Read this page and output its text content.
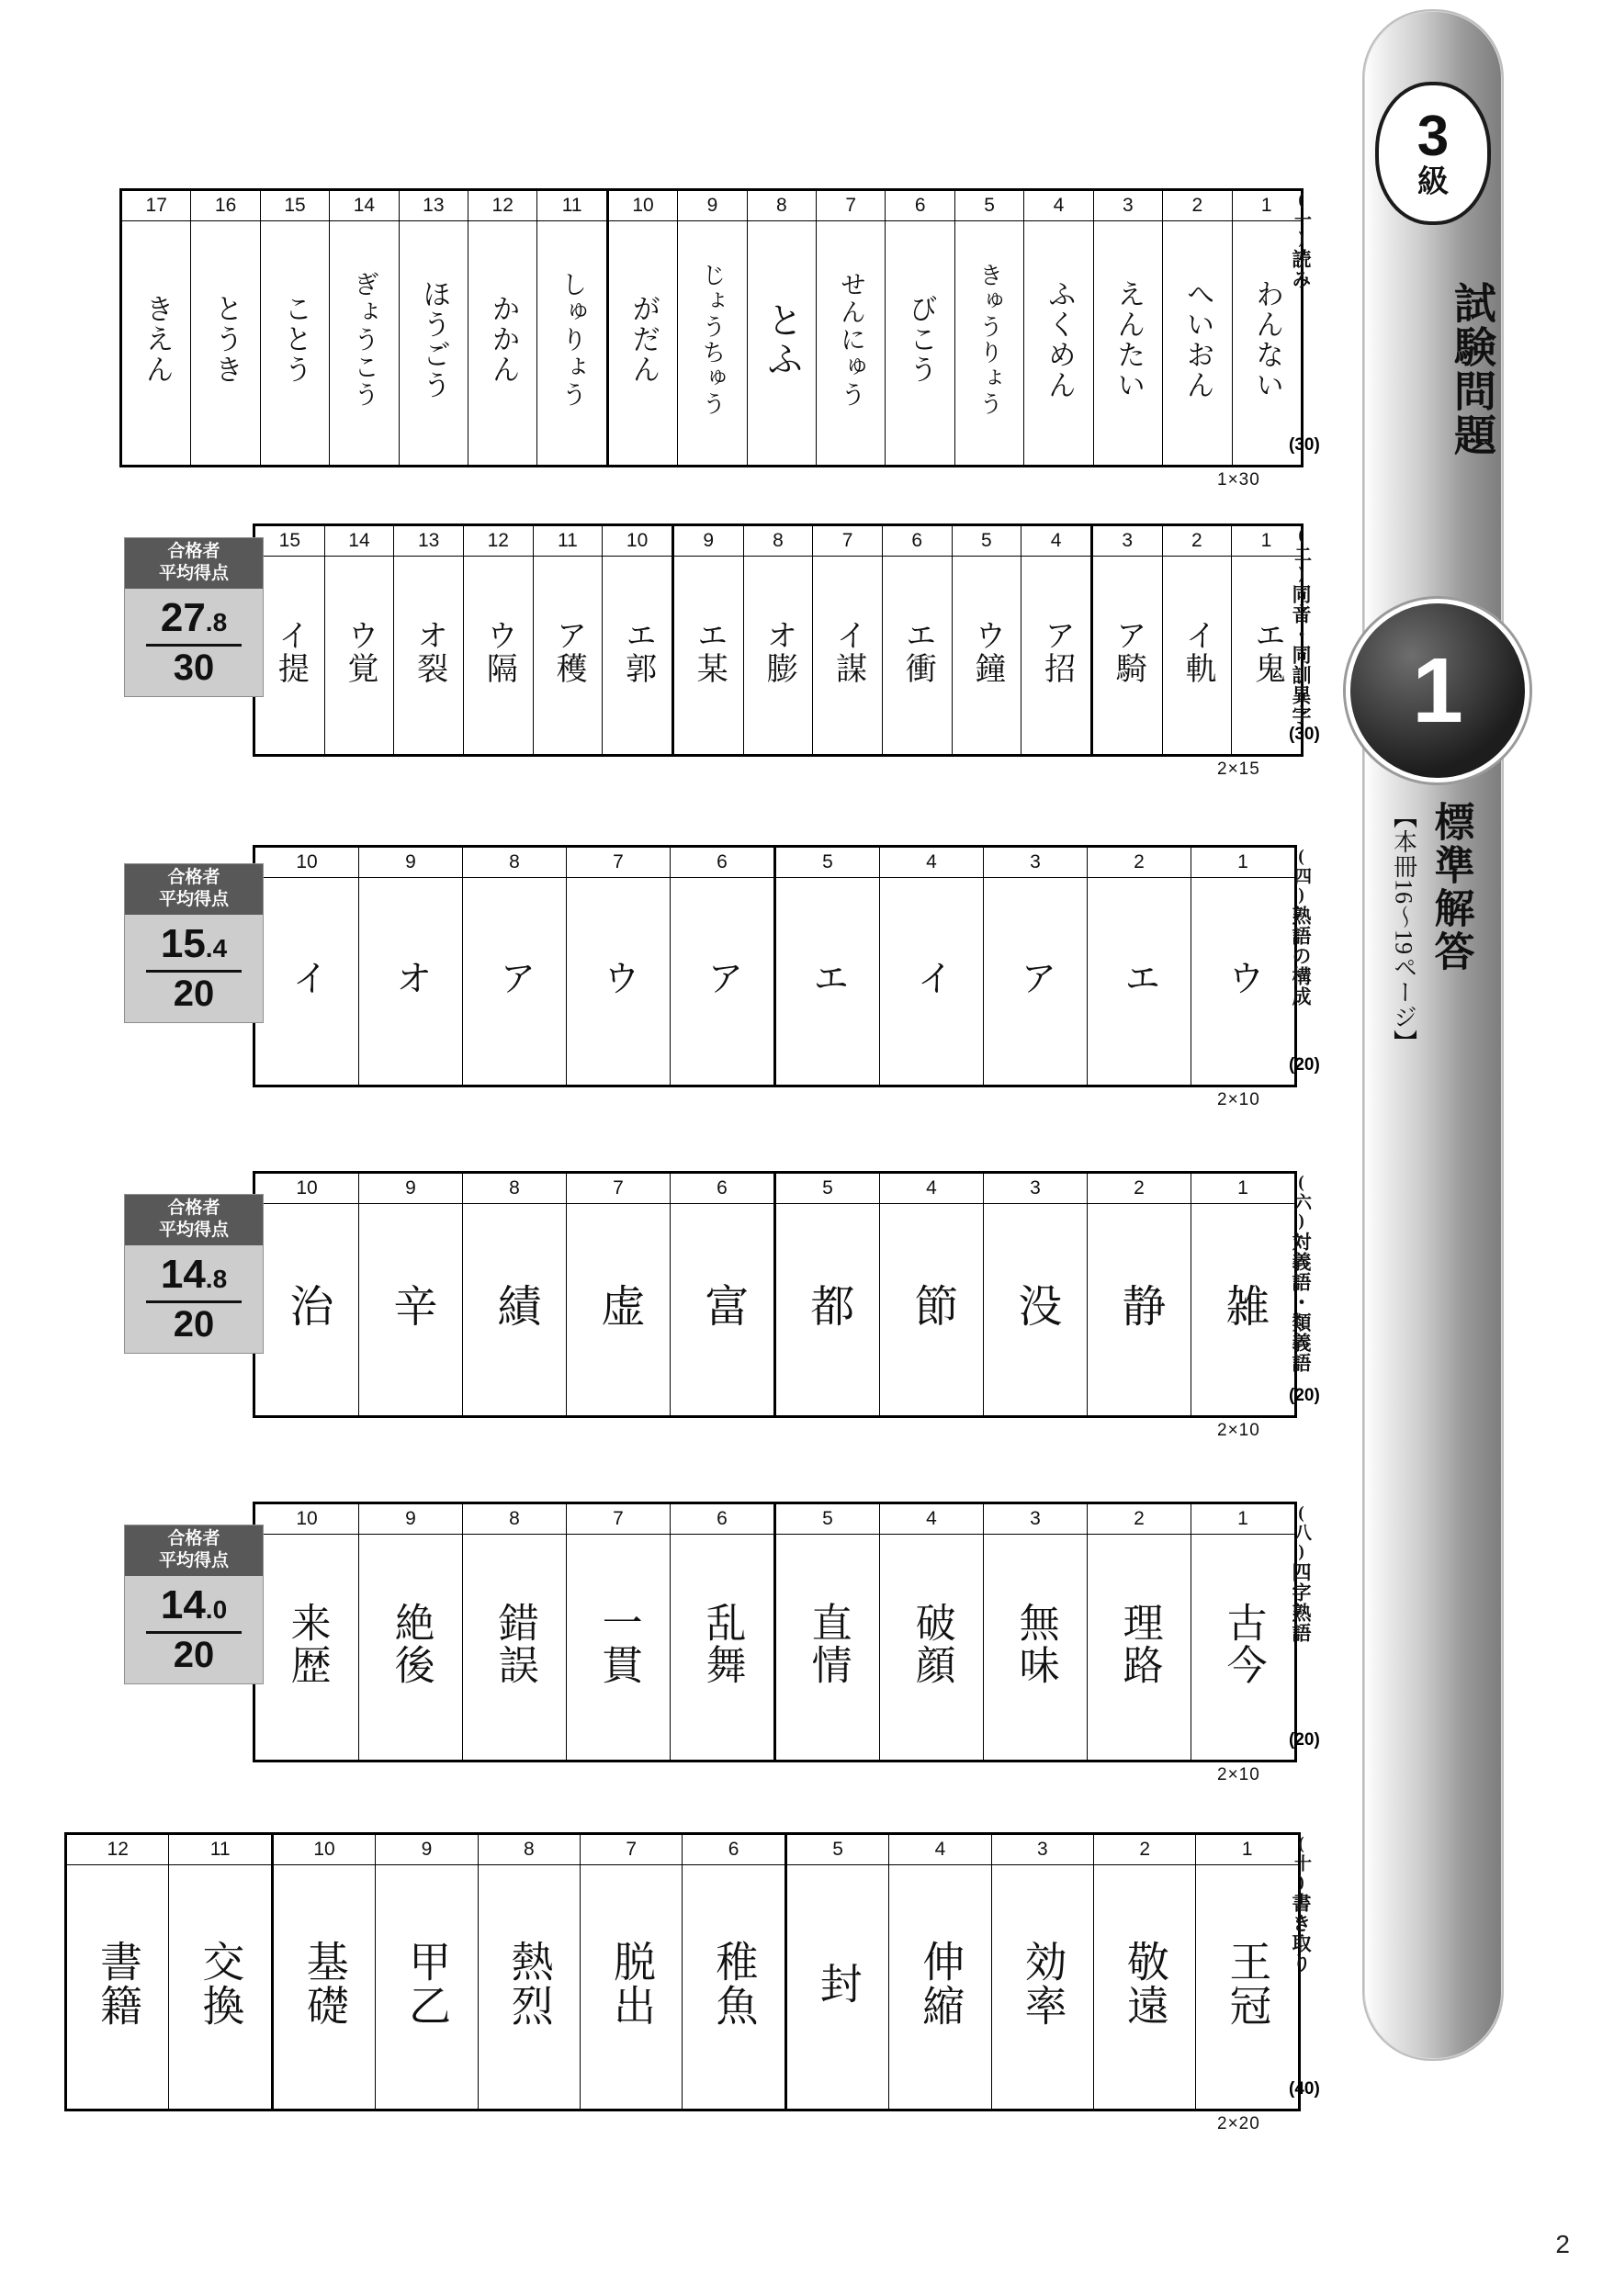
3
級
試験問題
1
【本冊16〜19ページ】 標準解答
2
17	16	15	14	13	12	11	10	9	8	7	6	5	4	3	2	1
きえん	とうき	ことう	ぎょうこう	ほうごう	かかん	しゅりょう	がだん	じょうちゅう	とふ	せんにゅう	びこう	きゅうりょう	ふくめん	えんたい	へいおん	わんない
(一)読み
(30)
1×30
15	14	13	12	11	10	9	8	7	6	5	4	3	2	1
イ提	ウ覚	オ裂	ウ隔	ア穫	エ郭	エ某	オ膨	イ謀	エ衝	ウ鐘	ア招	ア騎	イ軌	エ鬼
(二)同音・同訓異字
(30)
2×15
合格者
平均得点
27.8
30
10	9	8	7	6	5	4	3	2	1
イ	オ	ア	ウ	ア	エ	イ	ア	エ	ウ
(四)熟語の構成
(20)
2×10
合格者
平均得点
15.4
20
10	9	8	7	6	5	4	3	2	1
治	辛	績	虚	富	都	節	没	静	雑
(六)対義語・類義語
(20)
2×10
合格者
平均得点
14.8
20
10	9	8	7	6	5	4	3	2	1
来歴	絶後	錯誤	一貫	乱舞	直情	破顔	無味	理路	古今
(八)四字熟語
(20)
2×10
合格者
平均得点
14.0
20
12	11	10	9	8	7	6	5	4	3	2	1
書籍	交換	基礎	甲乙	熱烈	脱出	稚魚	封	伸縮	効率	敬遠	王冠
(十)書き取り
(40)
2×20
